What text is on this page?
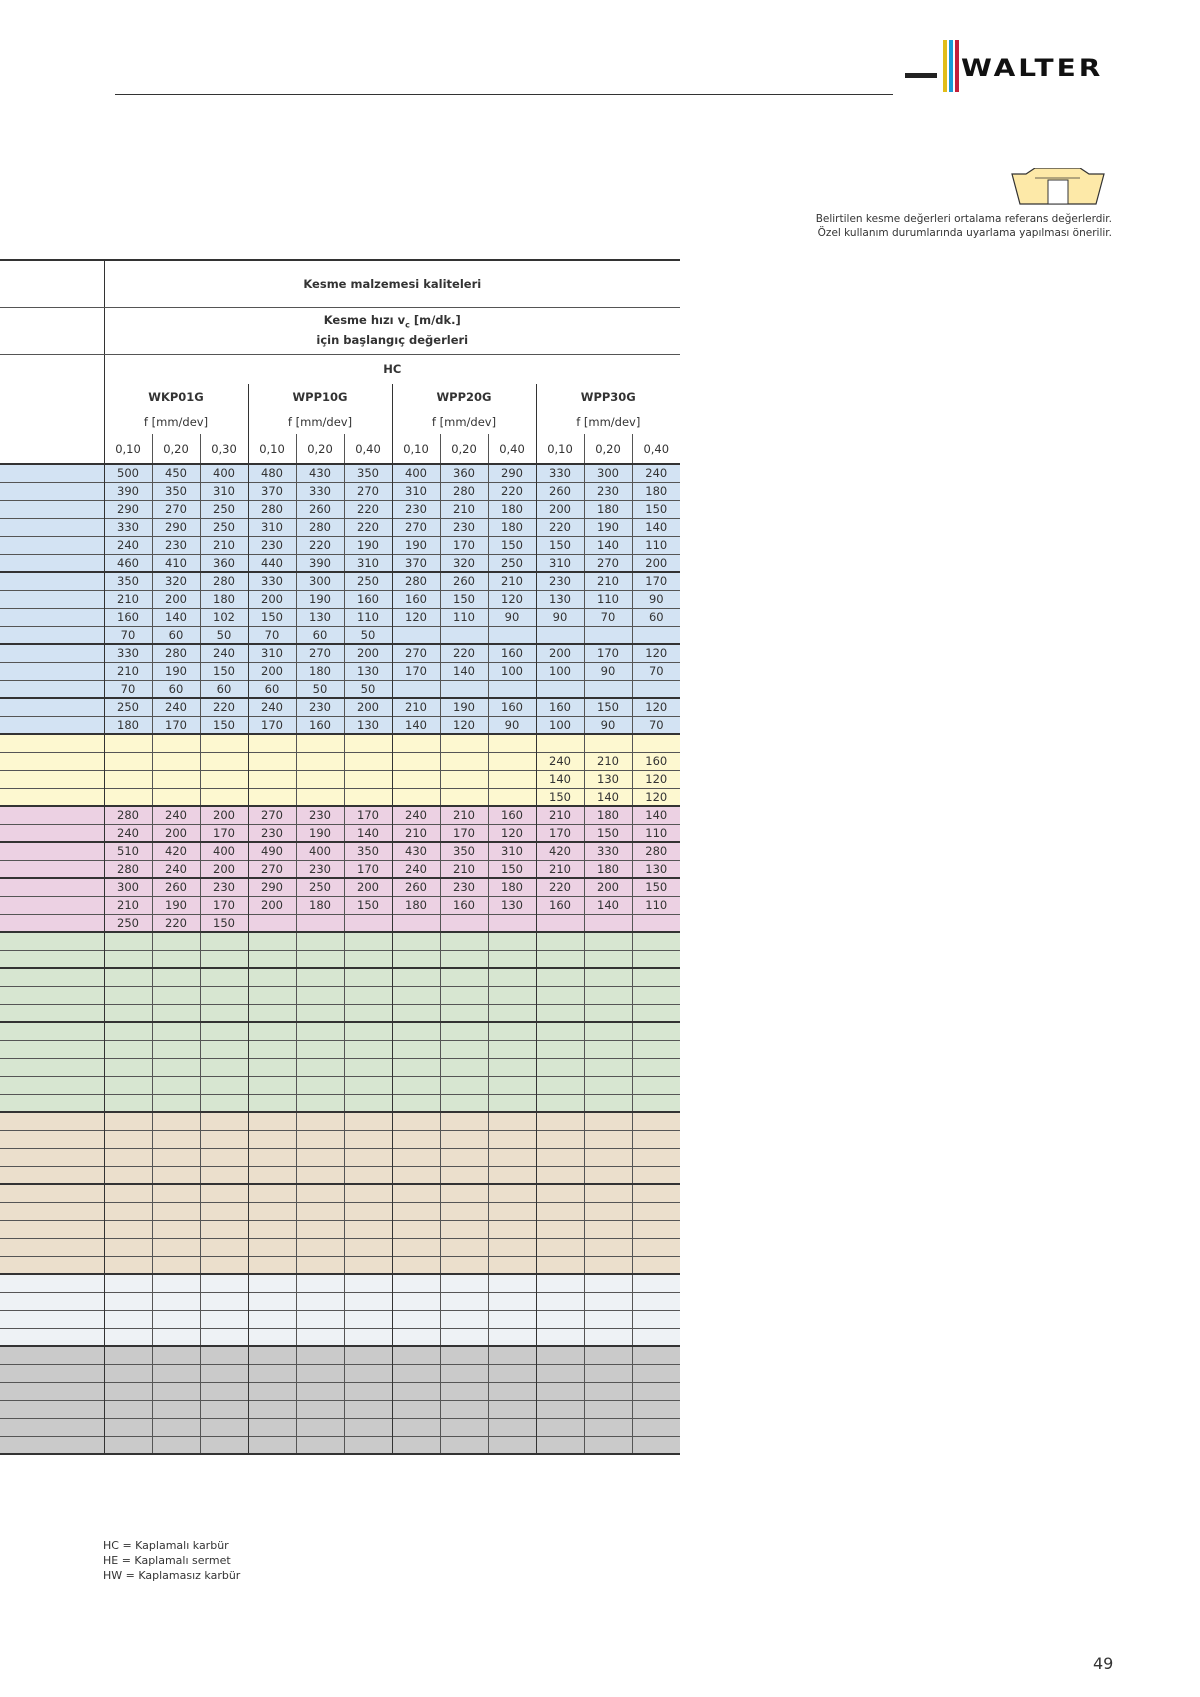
WALTER
Belirtilen kesme değerleri ortalama referans değerlerdir.
Özel kullanım durumlarında uyarlama yapılması önerilir.
	Kesme malzemesi kaliteleri											
	Kesme hızı $v_c$ [m/dk.]
için başlangıç değerleri											
	HC											
	WKP01G			WPP10G			WPP20G			WPP30G		
	f [mm/dev]			f [mm/dev]			f [mm/dev]			f [mm/dev]		
	0,10	0,20	0,30	0,10	0,20	0,40	0,10	0,20	0,40	0,10	0,20	0,40
	500	450	400	480	430	350	400	360	290	330	300	240
	390	350	310	370	330	270	310	280	220	260	230	180
	290	270	250	280	260	220	230	210	180	200	180	150
	330	290	250	310	280	220	270	230	180	220	190	140
	240	230	210	230	220	190	190	170	150	150	140	110
	460	410	360	440	390	310	370	320	250	310	270	200
	350	320	280	330	300	250	280	260	210	230	210	170
	210	200	180	200	190	160	160	150	120	130	110	90
	160	140	102	150	130	110	120	110	90	90	70	60
	70	60	50	70	60	50						
	330	280	240	310	270	200	270	220	160	200	170	120
	210	190	150	200	180	130	170	140	100	100	90	70
	70	60	60	60	50	50						
	250	240	220	240	230	200	210	190	160	160	150	120
	180	170	150	170	160	130	140	120	90	100	90	70

										240	210	160
										140	130	120
										150	140	120
	280	240	200	270	230	170	240	210	160	210	180	140
	240	200	170	230	190	140	210	170	120	170	150	110
	510	420	400	490	400	350	430	350	310	420	330	280
	280	240	200	270	230	170	240	210	150	210	180	130
	300	260	230	290	250	200	260	230	180	220	200	150
	210	190	170	200	180	150	180	160	130	160	140	110
	250	220	150									

HC = Kaplamalı karbür
HE = Kaplamalı sermet
HW = Kaplamasız karbür
49
